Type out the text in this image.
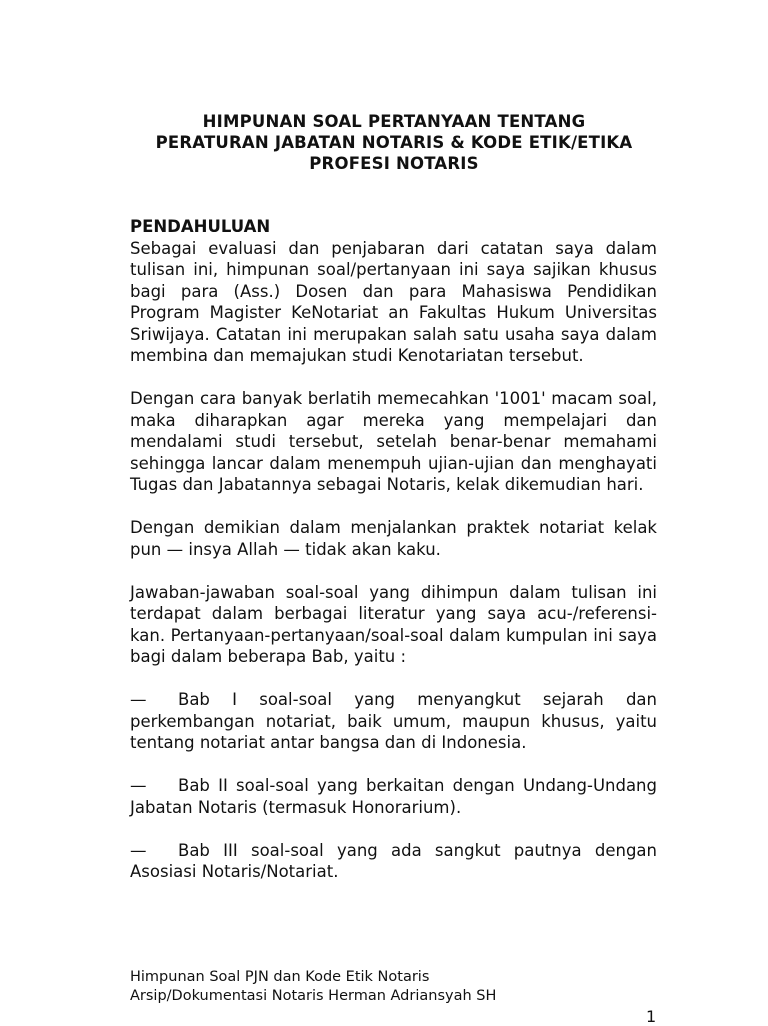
HIMPUNAN SOAL PERTANYAAN TENTANG
PERATURAN JABATAN NOTARIS & KODE ETIK/ETIKA
PROFESI NOTARIS
PENDAHULUAN

Sebagai evaluasi dan penjabaran dari catatan saya dalam tulisan ini, himpunan soal/pertanyaan ini saya sajikan khusus bagi para (Ass.) Dosen dan para Mahasiswa Pendidikan Program Magister KeNotariat an Fakultas Hukum Universitas Sriwijaya. Catatan ini merupakan salah satu usaha saya dalam membina dan memajukan studi Kenotariatan tersebut.

Dengan cara banyak berlatih memecahkan '1001' macam soal, maka diharapkan agar mereka yang mempelajari dan mendalami studi tersebut, setelah benar-benar memahami sehingga lancar dalam menempuh ujian-ujian dan menghayati Tugas dan Jabatannya sebagai Notaris, kelak dikemudian hari.

Dengan demikian dalam menjalankan praktek notariat kelak pun — insya Allah — tidak akan kaku.

Jawaban-jawaban soal-soal yang dihimpun dalam tulisan ini terdapat dalam berbagai literatur yang saya acu-/referensi-kan. Pertanyaan-pertanyaan/soal-soal dalam kumpulan ini saya bagi dalam beberapa Bab, yaitu :

— Bab I soal-soal yang menyangkut sejarah dan perkembangan notariat, baik umum, maupun khusus, yaitu tentang notariat antar bangsa dan di Indonesia.

— Bab II soal-soal yang berkaitan dengan Undang-Undang Jabatan Notaris (termasuk Honorarium).

— Bab III soal-soal yang ada sangkut pautnya dengan Asosiasi Notaris/Notariat.

Himpunan Soal PJN dan Kode Etik Notaris
Arsip/Dokumentasi Notaris Herman Adriansyah SH
1
